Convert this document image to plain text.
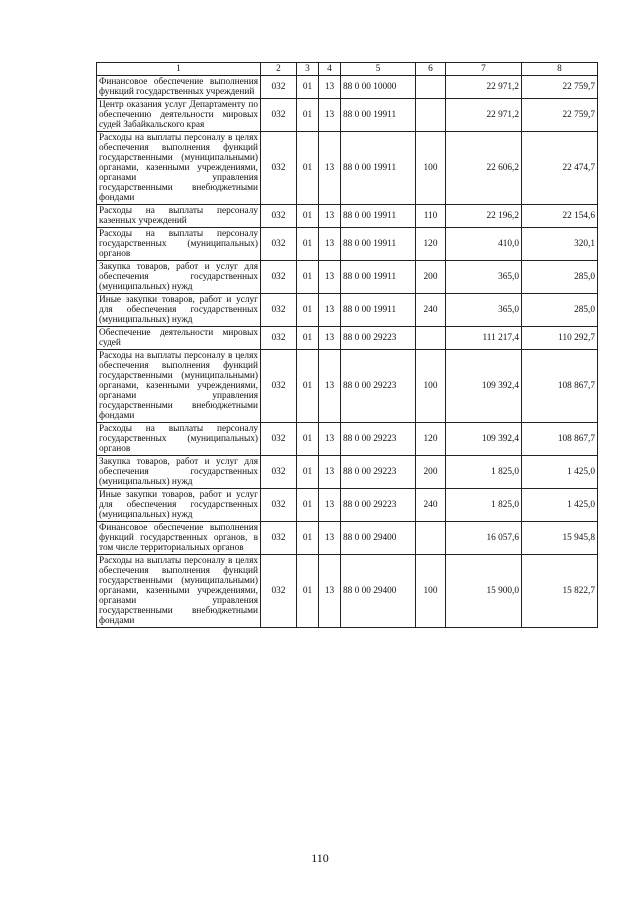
1	2	3	4	5	6	7	8
Финансовое обеспечение выполнения функций государственных учреждений	032	01	13	88 0 00 10000		22 971,2	22 759,7
Центр оказания услуг Департаменту по обеспечению деятельности мировых судей Забайкальского края	032	01	13	88 0 00 19911		22 971,2	22 759,7
Расходы на выплаты персоналу в целях обеспечения выполнения функций государственными (муниципальными) органами, казенными учреждениями, органами управления государственными внебюджетными фондами	032	01	13	88 0 00 19911	100	22 606,2	22 474,7
Расходы на выплаты персоналу казенных учреждений	032	01	13	88 0 00 19911	110	22 196,2	22 154,6
Расходы на выплаты персоналу государственных (муниципальных) органов	032	01	13	88 0 00 19911	120	410,0	320,1
Закупка товаров, работ и услуг для обеспечения государственных (муниципальных) нужд	032	01	13	88 0 00 19911	200	365,0	285,0
Иные закупки товаров, работ и услуг для обеспечения государственных (муниципальных) нужд	032	01	13	88 0 00 19911	240	365,0	285,0
Обеспечение деятельности мировых судей	032	01	13	88 0 00 29223		111 217,4	110 292,7
Расходы на выплаты персоналу в целях обеспечения выполнения функций государственными (муниципальными) органами, казенными учреждениями, органами управления государственными внебюджетными фондами	032	01	13	88 0 00 29223	100	109 392,4	108 867,7
Расходы на выплаты персоналу государственных (муниципальных) органов	032	01	13	88 0 00 29223	120	109 392,4	108 867,7
Закупка товаров, работ и услуг для обеспечения государственных (муниципальных) нужд	032	01	13	88 0 00 29223	200	1 825,0	1 425,0
Иные закупки товаров, работ и услуг для обеспечения государственных (муниципальных) нужд	032	01	13	88 0 00 29223	240	1 825,0	1 425,0
Финансовое обеспечение выполнения функций государственных органов, в том числе территориальных органов	032	01	13	88 0 00 29400		16 057,6	15 945,8
Расходы на выплаты персоналу в целях обеспечения выполнения функций государственными (муниципальными) органами, казенными учреждениями, органами управления государственными внебюджетными фондами	032	01	13	88 0 00 29400	100	15 900,0	15 822,7
110
